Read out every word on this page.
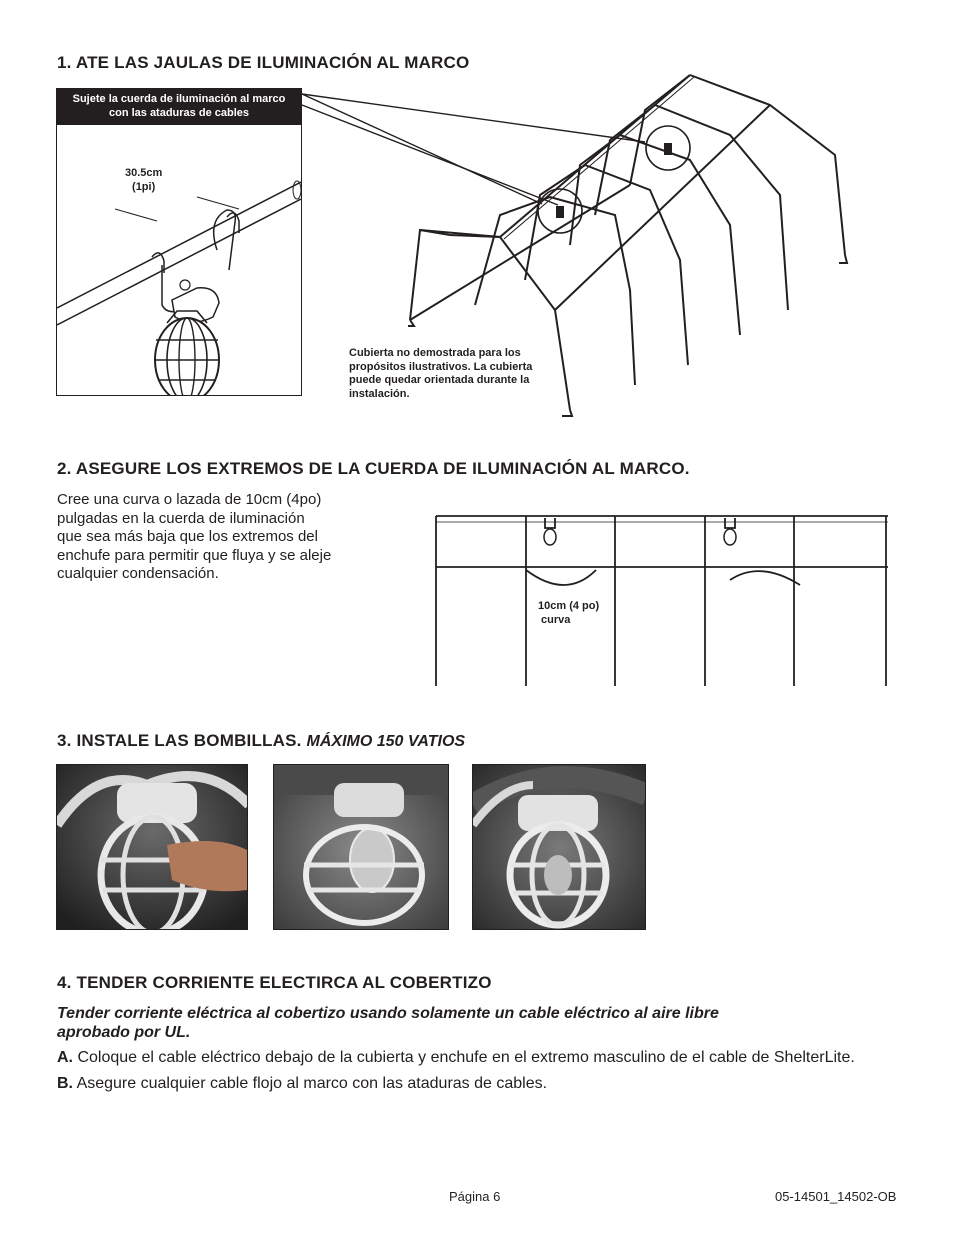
1. ATE LAS JAULAS DE ILUMINACIÓN AL MARCO
Sujete la cuerda de iluminación al marco
con las ataduras de cables
30.5cm
(1pi)
Cubierta no demostrada para los
propósitos ilustrativos. La cubierta
puede quedar orientada durante la
instalación.
2. ASEGURE LOS EXTREMOS DE LA CUERDA DE ILUMINACIÓN AL MARCO.
Cree una curva o lazada de 10cm (4po)
pulgadas en la cuerda de iluminación
que sea más baja que los extremos del
enchufe para permitir que fluya y se aleje
cualquier condensación.
10cm (4 po)
curva
3. INSTALE LAS BOMBILLAS. MÁXIMO 150 VATIOS
4. TENDER CORRIENTE ELECTIRCA AL COBERTIZO
Tender corriente eléctrica al cobertizo usando solamente un cable eléctrico al aire libre
aprobado por UL.
A. Coloque el cable eléctrico debajo de la cubierta y enchufe en el extremo masculino de el cable de ShelterLite.
B. Asegure cualquier cable flojo al marco con las ataduras de cables.
Página 6	05-14501_14502-OB
